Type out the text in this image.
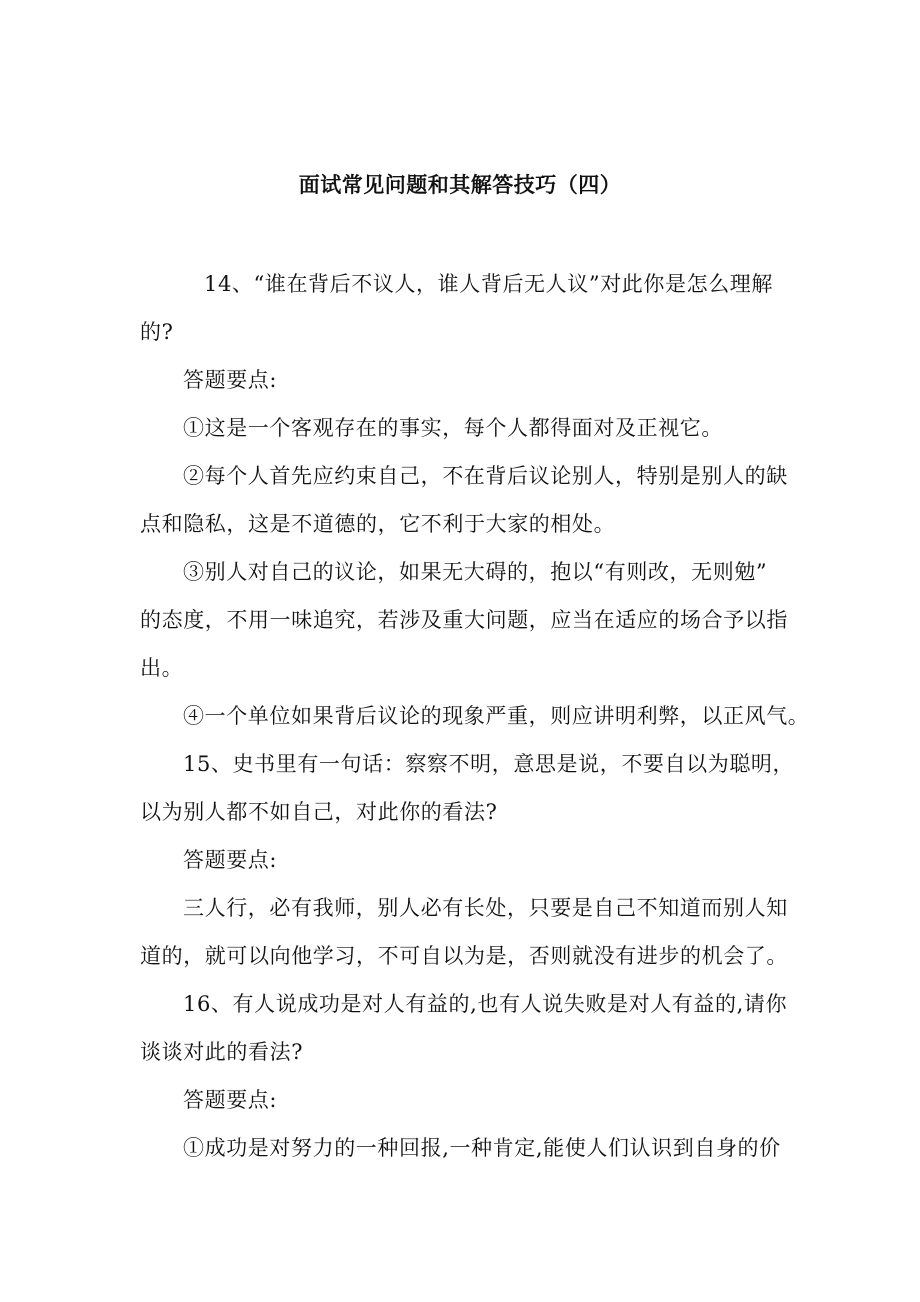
面试常见问题和其解答技巧（四）
14、“谁在背后不议人，谁人背后无人议”对此你是怎么理解
的?
答题要点:
①这是一个客观存在的事实，每个人都得面对及正视它。
②每个人首先应约束自己，不在背后议论别人，特别是别人的缺
点和隐私，这是不道德的，它不利于大家的相处。
③别人对自己的议论，如果无大碍的，抱以“有则改，无则勉”
的态度，不用一味追究，若涉及重大问题，应当在适应的场合予以指
出。
④一个单位如果背后议论的现象严重，则应讲明利弊，以正风气。
15、史书里有一句话：察察不明，意思是说，不要自以为聪明，
以为别人都不如自己，对此你的看法?
答题要点:
三人行，必有我师，别人必有长处，只要是自己不知道而别人知
道的，就可以向他学习，不可自以为是，否则就没有进步的机会了。
16、有人说成功是对人有益的,也有人说失败是对人有益的,请你
谈谈对此的看法?
答题要点:
①成功是对努力的一种回报,一种肯定,能使人们认识到自身的价
